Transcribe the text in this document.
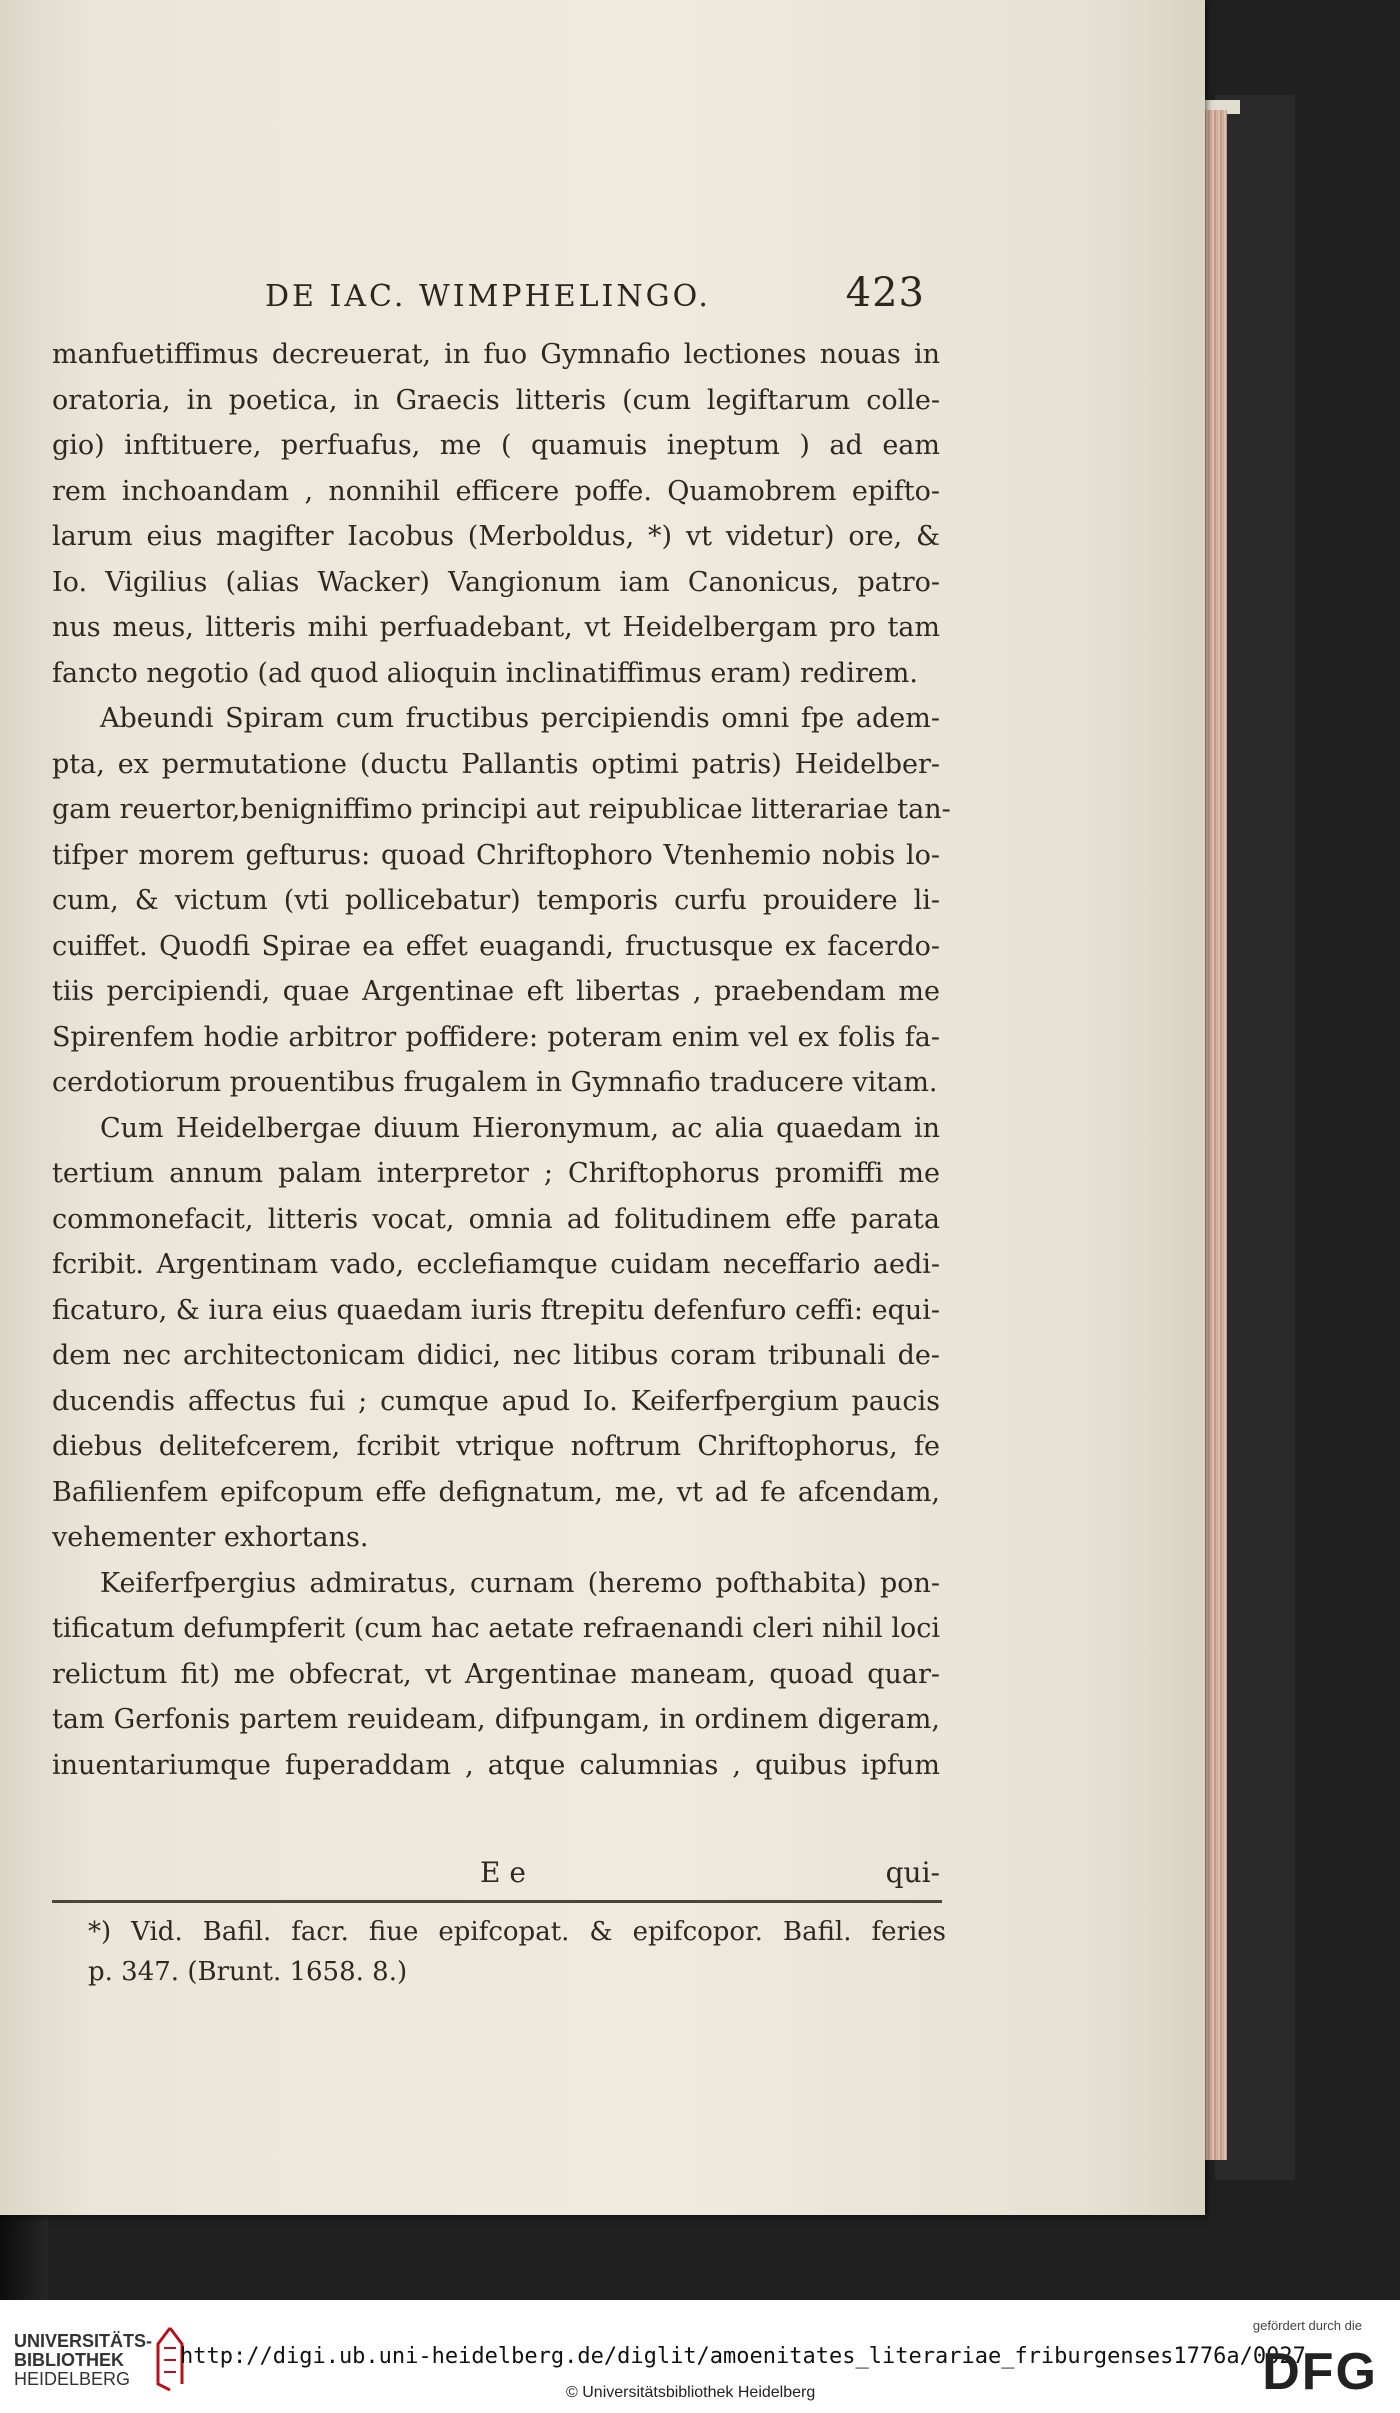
DE IAC. WIMPHELINGO.	423
manfuetiffimus decreuerat, in fuo Gymnafio lectiones nouas in
oratoria, in poetica, in Graecis litteris (cum legiftarum colle-
gio) inftituere, perfuafus, me ( quamuis ineptum ) ad eam
rem inchoandam , nonnihil efficere poffe. Quamobrem epifto-
larum eius magifter Iacobus (Merboldus, *) vt videtur) ore, &
Io. Vigilius (alias Wacker) Vangionum iam Canonicus, patro-
nus meus, litteris mihi perfuadebant, vt Heidelbergam pro tam
fancto negotio (ad quod alioquin inclinatiffimus eram) redirem.
Abeundi Spiram cum fructibus percipiendis omni fpe adem-
pta, ex permutatione (ductu Pallantis optimi patris) Heidelber-
gam reuertor,benigniffimo principi aut reipublicae litterariae tan-
tifper morem gefturus: quoad Chriftophoro Vtenhemio nobis lo-
cum, & victum (vti pollicebatur) temporis curfu prouidere li-
cuiffet. Quodfi Spirae ea effet euagandi, fructusque ex facerdo-
tiis percipiendi, quae Argentinae eft libertas , praebendam me
Spirenfem hodie arbitror poffidere: poteram enim vel ex folis fa-
cerdotiorum prouentibus frugalem in Gymnafio traducere vitam.
Cum Heidelbergae diuum Hieronymum, ac alia quaedam in
tertium annum palam interpretor ; Chriftophorus promiffi me
commonefacit, litteris vocat, omnia ad folitudinem effe parata
fcribit. Argentinam vado, ecclefiamque cuidam neceffario aedi-
ficaturo, & iura eius quaedam iuris ftrepitu defenfuro ceffi: equi-
dem nec architectonicam didici, nec litibus coram tribunali de-
ducendis affectus fui ; cumque apud Io. Keiferfpergium paucis
diebus delitefcerem, fcribit vtrique noftrum Chriftophorus, fe
Bafilienfem epifcopum effe defignatum, me, vt ad fe afcendam,
vehementer exhortans.
Keiferfpergius admiratus, curnam (heremo pofthabita) pon-
tificatum defumpferit (cum hac aetate refraenandi cleri nihil loci
relictum fit) me obfecrat, vt Argentinae maneam, quoad quar-
tam Gerfonis partem reuideam, difpungam, in ordinem digeram,
inuentariumque fuperaddam , atque calumnias , quibus ipfum
E e	qui-
*) Vid. Bafil. facr. fiue epifcopat. & epifcopor. Bafil. feries
p. 347. (Brunt. 1658. 8.)
UNIVERSITÄTS-
BIBLIOTHEK
HEIDELBERG
http://digi.ub.uni-heidelberg.de/diglit/amoenitates_literariae_friburgenses1776a/0027
© Universitätsbibliothek Heidelberg
gefördert durch die
DFG
